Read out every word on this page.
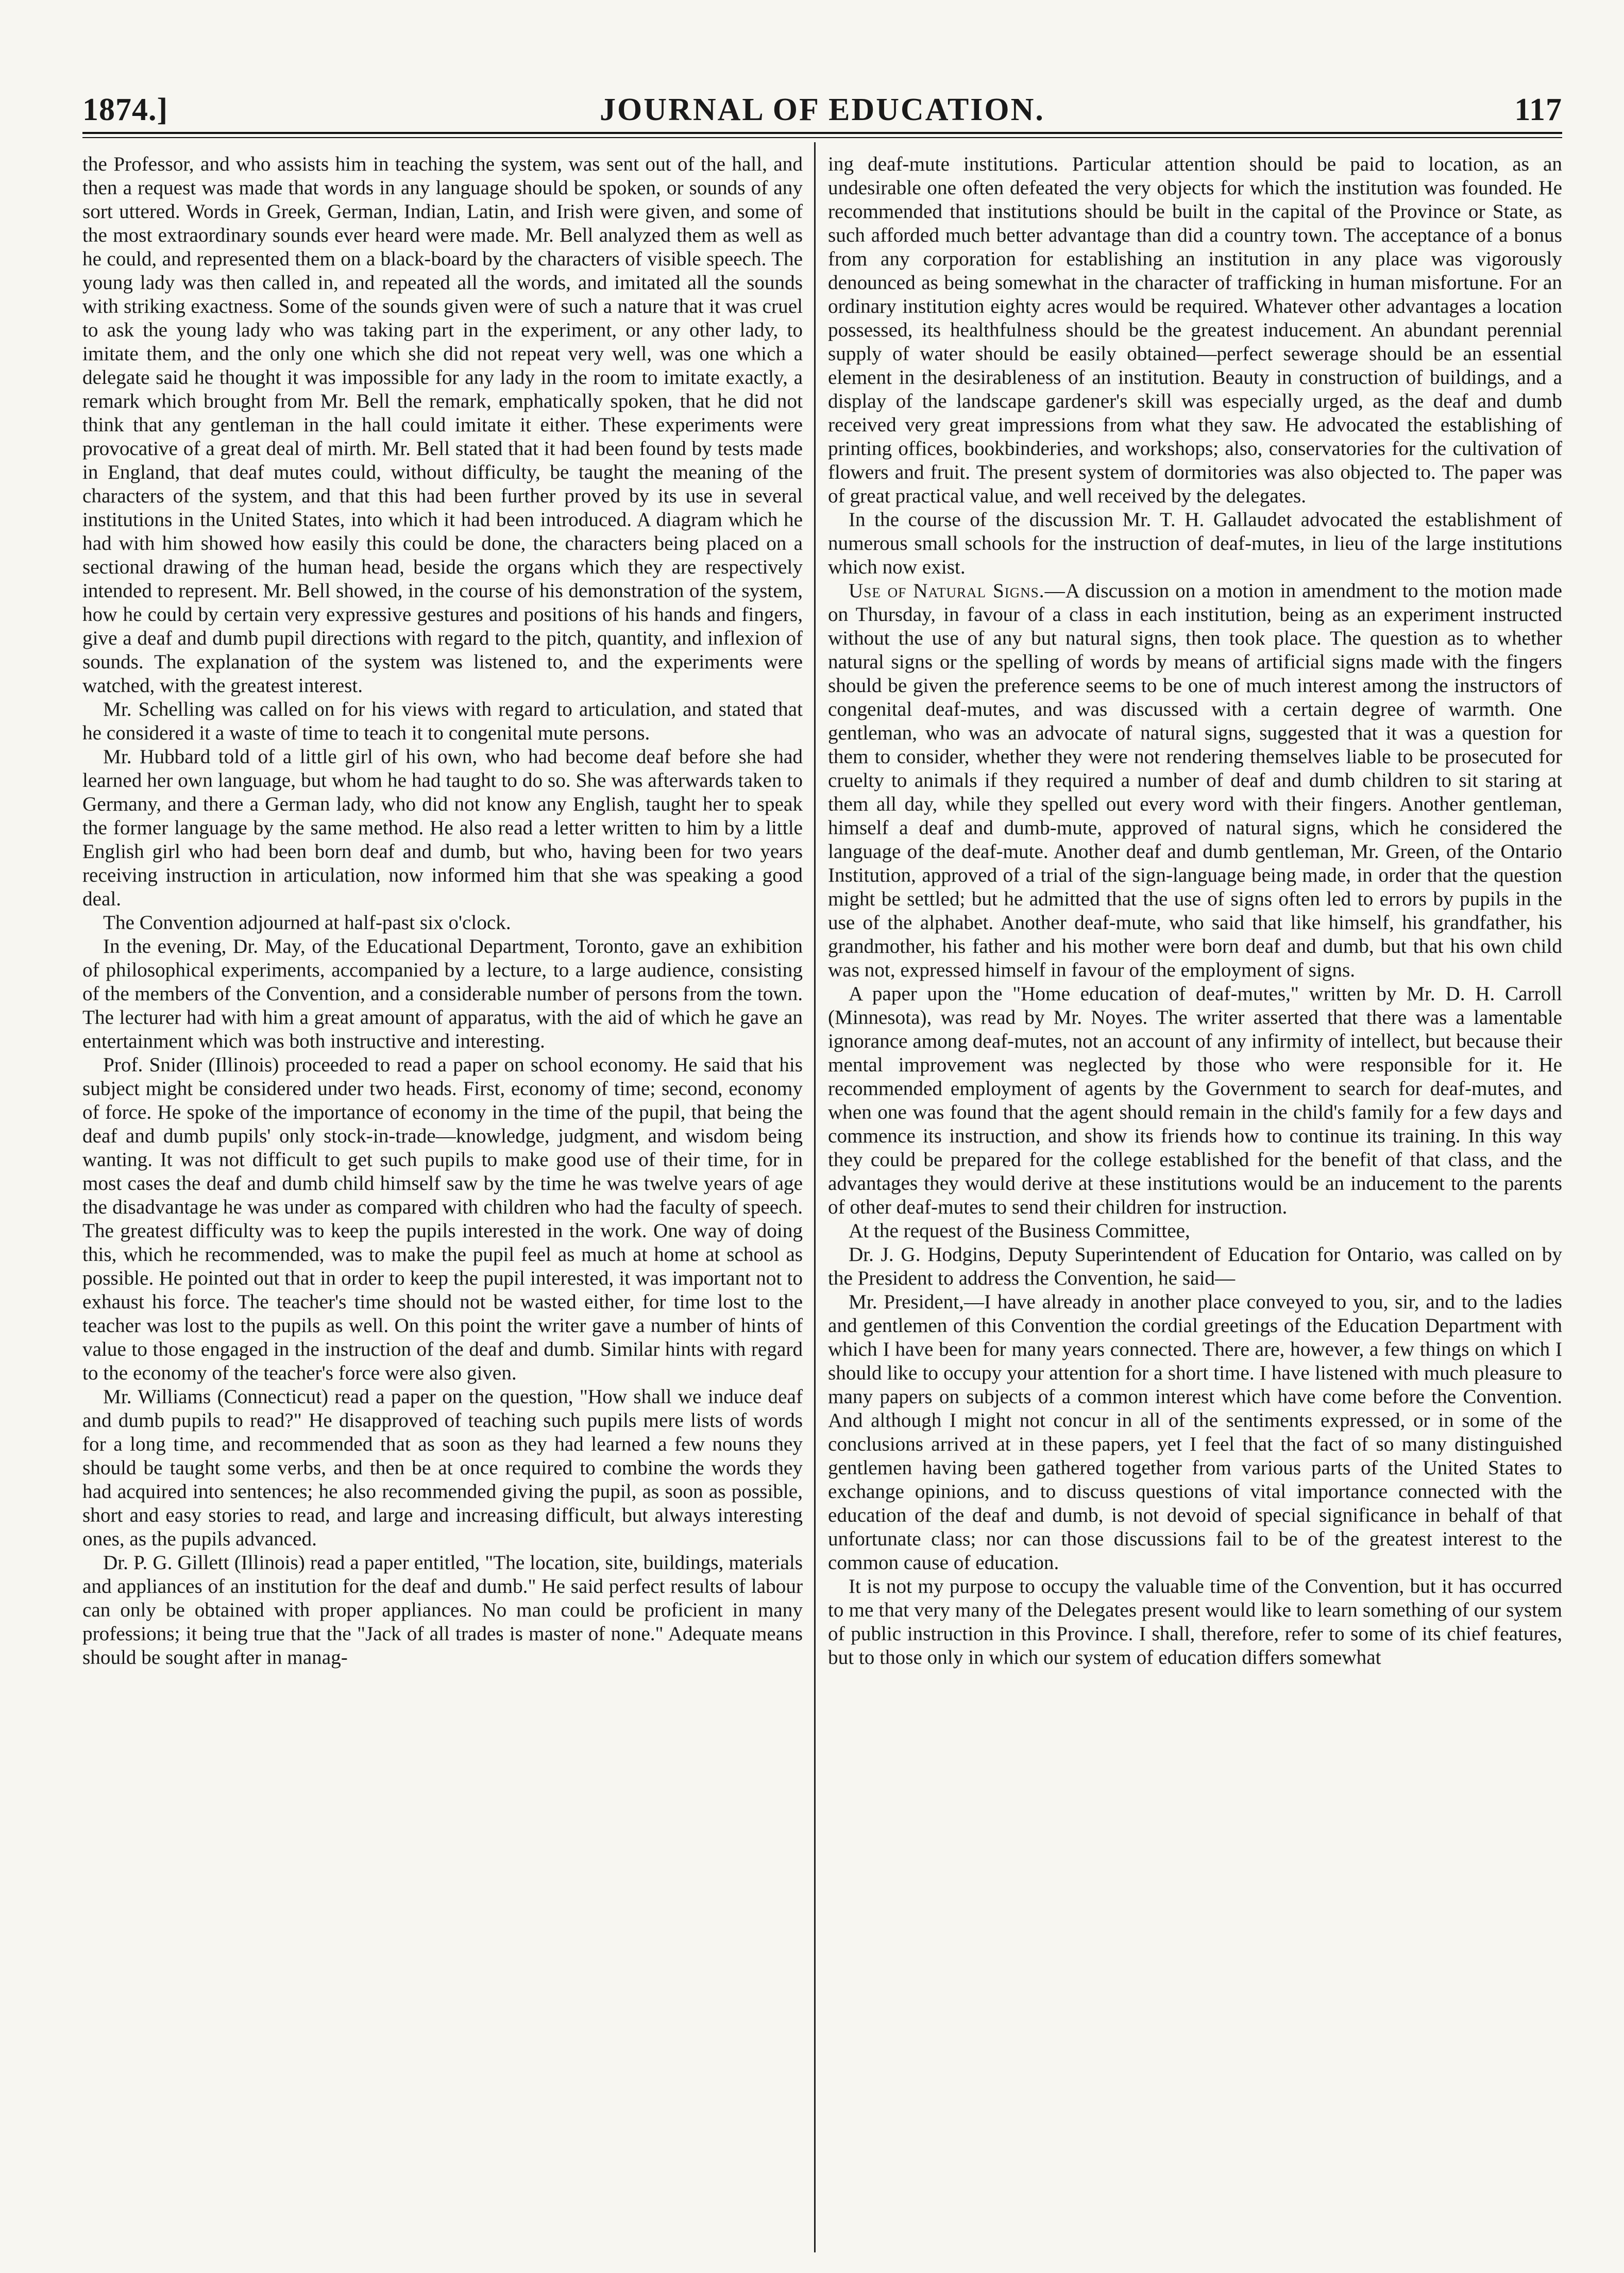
1874.]	JOURNAL OF EDUCATION.	117

the Professor, and who assists him in teaching the system, was sent out of the hall, and then a request was made that words in any language should be spoken, or sounds of any sort uttered. Words in Greek, German, Indian, Latin, and Irish were given, and some of the most extraordinary sounds ever heard were made. Mr. Bell analyzed them as well as he could, and represented them on a black-board by the characters of visible speech. The young lady was then called in, and repeated all the words, and imitated all the sounds with striking exactness. Some of the sounds given were of such a nature that it was cruel to ask the young lady who was taking part in the experiment, or any other lady, to imitate them, and the only one which she did not repeat very well, was one which a delegate said he thought it was impossible for any lady in the room to imitate exactly, a remark which brought from Mr. Bell the remark, emphatically spoken, that he did not think that any gentleman in the hall could imitate it either. These experiments were provocative of a great deal of mirth. Mr. Bell stated that it had been found by tests made in England, that deaf mutes could, without difficulty, be taught the meaning of the characters of the system, and that this had been further proved by its use in several institutions in the United States, into which it had been introduced. A diagram which he had with him showed how easily this could be done, the characters being placed on a sectional drawing of the human head, beside the organs which they are respectively intended to represent. Mr. Bell showed, in the course of his demonstration of the system, how he could by certain very expressive gestures and positions of his hands and fingers, give a deaf and dumb pupil directions with regard to the pitch, quantity, and inflexion of sounds. The explanation of the system was listened to, and the experiments were watched, with the greatest interest.

Mr. Schelling was called on for his views with regard to articulation, and stated that he considered it a waste of time to teach it to congenital mute persons.

Mr. Hubbard told of a little girl of his own, who had become deaf before she had learned her own language, but whom he had taught to do so. She was afterwards taken to Germany, and there a German lady, who did not know any English, taught her to speak the former language by the same method. He also read a letter written to him by a little English girl who had been born deaf and dumb, but who, having been for two years receiving instruction in articulation, now informed him that she was speaking a good deal.

The Convention adjourned at half-past six o'clock.

In the evening, Dr. May, of the Educational Department, Toronto, gave an exhibition of philosophical experiments, accompanied by a lecture, to a large audience, consisting of the members of the Convention, and a considerable number of persons from the town. The lecturer had with him a great amount of apparatus, with the aid of which he gave an entertainment which was both instructive and interesting.

Prof. Snider (Illinois) proceeded to read a paper on school economy. He said that his subject might be considered under two heads. First, economy of time; second, economy of force. He spoke of the importance of economy in the time of the pupil, that being the deaf and dumb pupils' only stock-in-trade—knowledge, judgment, and wisdom being wanting. It was not difficult to get such pupils to make good use of their time, for in most cases the deaf and dumb child himself saw by the time he was twelve years of age the disadvantage he was under as compared with children who had the faculty of speech. The greatest difficulty was to keep the pupils interested in the work. One way of doing this, which he recommended, was to make the pupil feel as much at home at school as possible. He pointed out that in order to keep the pupil interested, it was important not to exhaust his force. The teacher's time should not be wasted either, for time lost to the teacher was lost to the pupils as well. On this point the writer gave a number of hints of value to those engaged in the instruction of the deaf and dumb. Similar hints with regard to the economy of the teacher's force were also given.

Mr. Williams (Connecticut) read a paper on the question, "How shall we induce deaf and dumb pupils to read?" He disapproved of teaching such pupils mere lists of words for a long time, and recommended that as soon as they had learned a few nouns they should be taught some verbs, and then be at once required to combine the words they had acquired into sentences; he also recommended giving the pupil, as soon as possible, short and easy stories to read, and large and increasing difficult, but always interesting ones, as the pupils advanced.

Dr. P. G. Gillett (Illinois) read a paper entitled, "The location, site, buildings, materials and appliances of an institution for the deaf and dumb." He said perfect results of labour can only be obtained with proper appliances. No man could be proficient in many professions; it being true that the "Jack of all trades is master of none." Adequate means should be sought after in manag-

ing deaf-mute institutions. Particular attention should be paid to location, as an undesirable one often defeated the very objects for which the institution was founded. He recommended that institutions should be built in the capital of the Province or State, as such afforded much better advantage than did a country town. The acceptance of a bonus from any corporation for establishing an institution in any place was vigorously denounced as being somewhat in the character of trafficking in human misfortune. For an ordinary institution eighty acres would be required. Whatever other advantages a location possessed, its healthfulness should be the greatest inducement. An abundant perennial supply of water should be easily obtained—perfect sewerage should be an essential element in the desirableness of an institution. Beauty in construction of buildings, and a display of the landscape gardener's skill was especially urged, as the deaf and dumb received very great impressions from what they saw. He advocated the establishing of printing offices, bookbinderies, and workshops; also, conservatories for the cultivation of flowers and fruit. The present system of dormitories was also objected to. The paper was of great practical value, and well received by the delegates.

In the course of the discussion Mr. T. H. Gallaudet advocated the establishment of numerous small schools for the instruction of deaf-mutes, in lieu of the large institutions which now exist.

Use of Natural Signs.—A discussion on a motion in amendment to the motion made on Thursday, in favour of a class in each institution, being as an experiment instructed without the use of any but natural signs, then took place. The question as to whether natural signs or the spelling of words by means of artificial signs made with the fingers should be given the preference seems to be one of much interest among the instructors of congenital deaf-mutes, and was discussed with a certain degree of warmth. One gentleman, who was an advocate of natural signs, suggested that it was a question for them to consider, whether they were not rendering themselves liable to be prosecuted for cruelty to animals if they required a number of deaf and dumb children to sit staring at them all day, while they spelled out every word with their fingers. Another gentleman, himself a deaf and dumb-mute, approved of natural signs, which he considered the language of the deaf-mute. Another deaf and dumb gentleman, Mr. Green, of the Ontario Institution, approved of a trial of the sign-language being made, in order that the question might be settled; but he admitted that the use of signs often led to errors by pupils in the use of the alphabet. Another deaf-mute, who said that like himself, his grandfather, his grandmother, his father and his mother were born deaf and dumb, but that his own child was not, expressed himself in favour of the employment of signs.

A paper upon the "Home education of deaf-mutes," written by Mr. D. H. Carroll (Minnesota), was read by Mr. Noyes. The writer asserted that there was a lamentable ignorance among deaf-mutes, not an account of any infirmity of intellect, but because their mental improvement was neglected by those who were responsible for it. He recommended employment of agents by the Government to search for deaf-mutes, and when one was found that the agent should remain in the child's family for a few days and commence its instruction, and show its friends how to continue its training. In this way they could be prepared for the college established for the benefit of that class, and the advantages they would derive at these institutions would be an inducement to the parents of other deaf-mutes to send their children for instruction.

At the request of the Business Committee,

Dr. J. G. Hodgins, Deputy Superintendent of Education for Ontario, was called on by the President to address the Convention, he said—

Mr. President,—I have already in another place conveyed to you, sir, and to the ladies and gentlemen of this Convention the cordial greetings of the Education Department with which I have been for many years connected. There are, however, a few things on which I should like to occupy your attention for a short time. I have listened with much pleasure to many papers on subjects of a common interest which have come before the Convention. And although I might not concur in all of the sentiments expressed, or in some of the conclusions arrived at in these papers, yet I feel that the fact of so many distinguished gentlemen having been gathered together from various parts of the United States to exchange opinions, and to discuss questions of vital importance connected with the education of the deaf and dumb, is not devoid of special significance in behalf of that unfortunate class; nor can those discussions fail to be of the greatest interest to the common cause of education.

It is not my purpose to occupy the valuable time of the Convention, but it has occurred to me that very many of the Delegates present would like to learn something of our system of public instruction in this Province. I shall, therefore, refer to some of its chief features, but to those only in which our system of education differs somewhat
